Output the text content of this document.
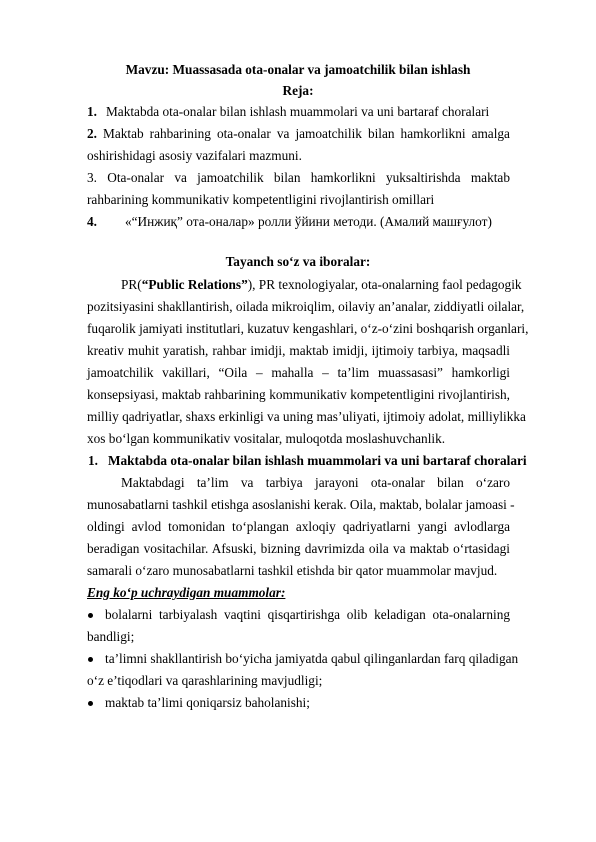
Mavzu: Muassasada ota-onalar va jamoatchilik bilan ishlash
Reja:
1. Maktabda ota-onalar bilan ishlash muammolari va uni bartaraf choralari
2. Maktab rahbarining ota-onalar va jamoatchilik bilan hamkorlikni amalga
oshirishidagi asosiy vazifalari mazmuni.
3. Ota-onalar va jamoatchilik bilan hamkorlikni yuksaltirishda maktab
rahbarining kommunikativ kompetentligini rivojlantirish omillari
4. «“Инжиқ” ота-оналар» ролли ўйини методи. (Амалий машғулот)
Tayanch so‘z va iboralar:
PR(“Public Relations”), PR texnologiyalar, ota-onalarning faol pedagogik
pozitsiyasini shakllantirish, oilada mikroiqlim, oilaviy an’analar, ziddiyatli oilalar,
fuqarolik jamiyati institutlari, kuzatuv kengashlari, o‘z-o‘zini boshqarish organlari,
kreativ muhit yaratish, rahbar imidji, maktab imidji, ijtimoiy tarbiya, maqsadli
jamoatchilik vakillari, “Oila – mahalla – ta’lim muassasasi” hamkorligi
konsepsiyasi, maktab rahbarining kommunikativ kompetentligini rivojlantirish,
milliy qadriyatlar, shaxs erkinligi va uning mas’uliyati, ijtimoiy adolat, milliylikka
xos bo‘lgan kommunikativ vositalar, muloqotda moslashuvchanlik.
1.   Maktabda ota-onalar bilan ishlash muammolari va uni bartaraf choralari
Maktabdagi ta’lim va tarbiya jarayoni ota-onalar bilan o‘zaro
munosabatlarni tashkil etishga asoslanishi kerak. Oila, maktab, bolalar jamoasi -
oldingi avlod tomonidan to‘plangan axloqiy qadriyatlarni yangi avlodlarga
beradigan vositachilar. Afsuski, bizning davrimizda oila va maktab o‘rtasidagi
samarali o‘zaro munosabatlarni tashkil etishda bir qator muammolar mavjud.
Eng ko‘p uchraydigan muammolar:
bolalarni tarbiyalash vaqtini qisqartirishga olib keladigan ota-onalarning
bandligi;
ta’limni shakllantirish bo‘yicha jamiyatda qabul qilinganlardan farq qiladigan
o‘z e’tiqodlari va qarashlarining mavjudligi;
maktab ta’limi qoniqarsiz baholanishi;
